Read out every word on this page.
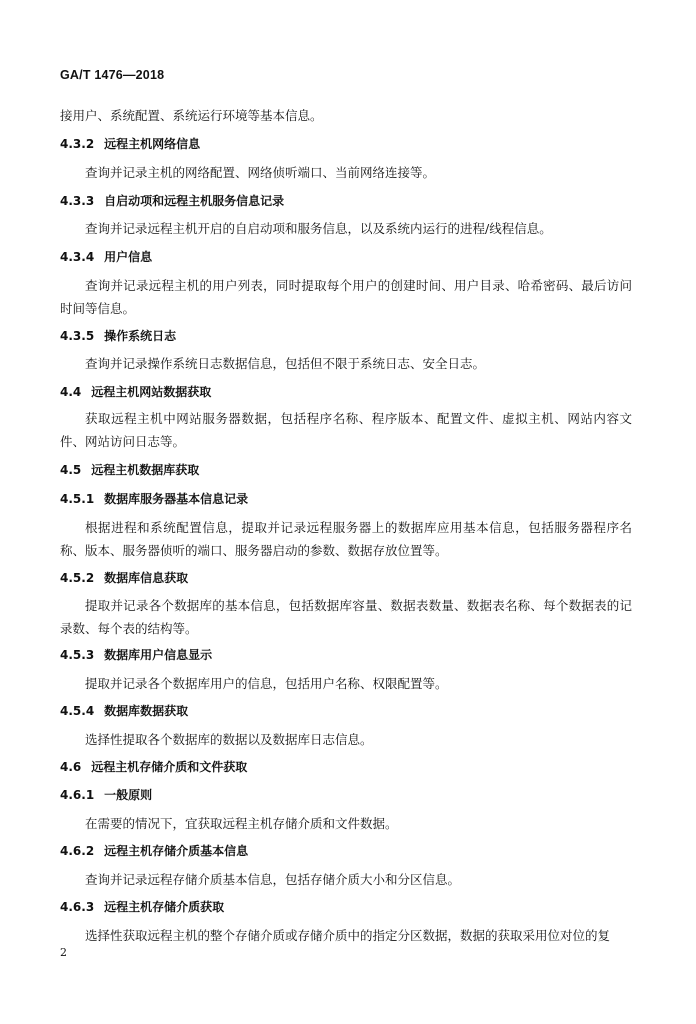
GA/T 1476—2018
接用户、系统配置、系统运行环境等基本信息。
4.3.2 远程主机网络信息
查询并记录主机的网络配置、网络侦听端口、当前网络连接等。
4.3.3 自启动项和远程主机服务信息记录
查询并记录远程主机开启的自启动项和服务信息，以及系统内运行的进程/线程信息。
4.3.4 用户信息
查询并记录远程主机的用户列表，同时提取每个用户的创建时间、用户目录、哈希密码、最后访问时间等信息。
4.3.5 操作系统日志
查询并记录操作系统日志数据信息，包括但不限于系统日志、安全日志。
4.4 远程主机网站数据获取
获取远程主机中网站服务器数据，包括程序名称、程序版本、配置文件、虚拟主机、网站内容文件、网站访问日志等。
4.5 远程主机数据库获取
4.5.1 数据库服务器基本信息记录
根据进程和系统配置信息，提取并记录远程服务器上的数据库应用基本信息，包括服务器程序名称、版本、服务器侦听的端口、服务器启动的参数、数据存放位置等。
4.5.2 数据库信息获取
提取并记录各个数据库的基本信息，包括数据库容量、数据表数量、数据表名称、每个数据表的记录数、每个表的结构等。
4.5.3 数据库用户信息显示
提取并记录各个数据库用户的信息，包括用户名称、权限配置等。
4.5.4 数据库数据获取
选择性提取各个数据库的数据以及数据库日志信息。
4.6 远程主机存储介质和文件获取
4.6.1 一般原则
在需要的情况下，宜获取远程主机存储介质和文件数据。
4.6.2 远程主机存储介质基本信息
查询并记录远程存储介质基本信息，包括存储介质大小和分区信息。
4.6.3 远程主机存储介质获取
选择性获取远程主机的整个存储介质或存储介质中的指定分区数据，数据的获取采用位对位的复
2
